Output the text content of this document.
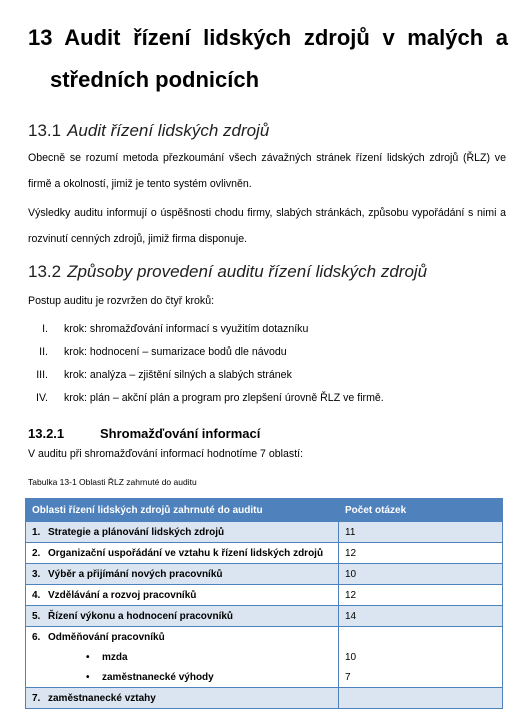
13 Audit řízení lidských zdrojů v malých a
středních podnicích
13.1 Audit řízení lidských zdrojů
Obecně se rozumí metoda přezkoumání všech závažných stránek řízení lidských zdrojů (ŘLZ) ve firmě a okolností, jimiž je tento systém ovlivněn.
Výsledky auditu informují o úspěšnosti chodu firmy, slabých stránkách, způsobu vypořádání s nimi a rozvinutí cenných zdrojů, jimiž firma disponuje.
13.2 Způsoby provedení auditu řízení lidských zdrojů
Postup auditu je rozvržen do čtyř kroků:
I. krok: shromažďování informací s využitím dotazníku
II. krok: hodnocení – sumarizace bodů dle návodu
III. krok: analýza – zjištění silných a slabých stránek
IV. krok: plán – akční plán a program pro zlepšení úrovně ŘLZ ve firmě.
13.2.1	Shromažďování informací
V auditu při shromažďování informací hodnotíme 7 oblastí:
Tabulka 13-1 Oblasti ŘLZ zahrnuté do auditu
Oblasti řízení lidských zdrojů zahrnuté do auditu	Počet otázek
1. Strategie a plánování lidských zdrojů	11
2. Organizační uspořádání ve vztahu k řízení lidských zdrojů	12
3. Výběr a přijímání nových pracovníků	10
4. Vzdělávání a rozvoj pracovníků	12
5. Řízení výkonu a hodnocení pracovníků	14
6. Odměňování pracovníků	
• mzda	10
• zaměstnanecké výhody	7
7. zaměstnanecké vztahy	
